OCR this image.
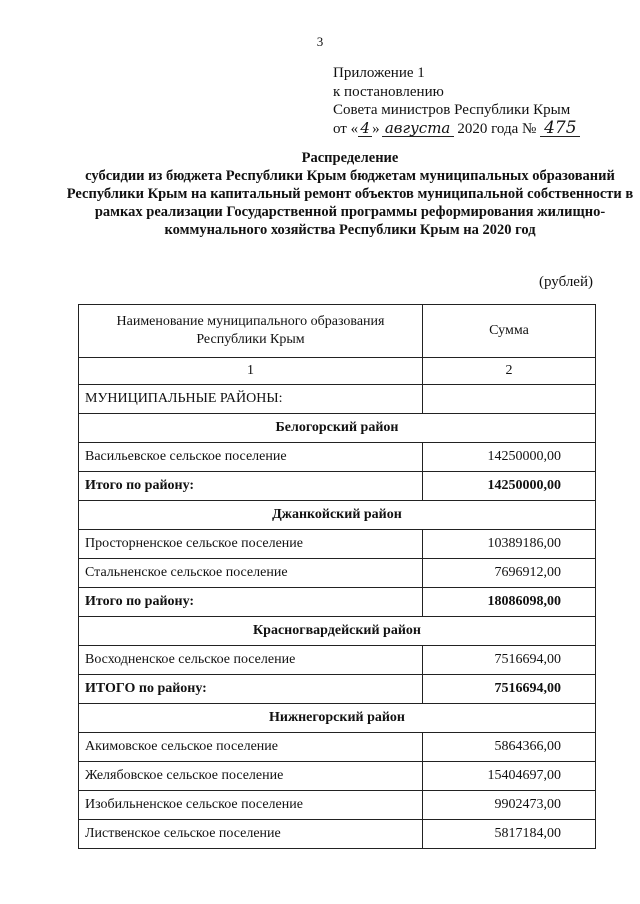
3
Приложение 1
к постановлению
Совета министров Республики Крым
от « 4 » августа 2020 года № 475
Распределение
субсидии из бюджета Республики Крым бюджетам муниципальных образований Республики Крым на капитальный ремонт объектов муниципальной собственности в рамках реализации Государственной программы реформирования жилищно-коммунального хозяйства Республики Крым на 2020 год
(рублей)
Наименование муниципального образования Республики Крым	Сумма
1	2
МУНИЦИПАЛЬНЫЕ РАЙОНЫ:	
Белогорский район	
Васильевское сельское поселение	14250000,00
Итого по району:	14250000,00
Джанкойский район	
Просторненское сельское поселение	10389186,00
Стальненское сельское поселение	7696912,00
Итого по району:	18086098,00
Красногвардейский район	
Восходненское сельское поселение	7516694,00
ИТОГО по району:	7516694,00
Нижнегорский район	
Акимовское сельское поселение	5864366,00
Желябовское сельское поселение	15404697,00
Изобильненское сельское поселение	9902473,00
Лиственское сельское поселение	5817184,00
